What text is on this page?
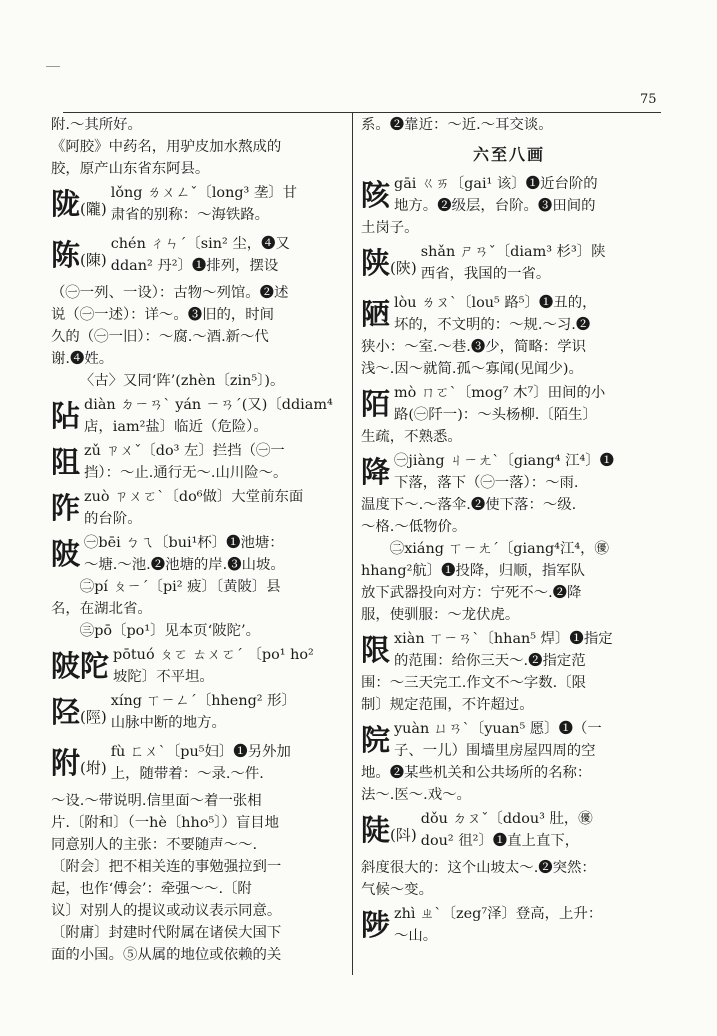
75
附.～其所好。
《阿胶》中药名，用驴皮加水熬成的
胶，原产山东省东阿县。
陇(隴)
lǒng ㄌㄨㄥˇ〔long³ 垄〕甘
肃省的别称：～海铁路。
陈(陳)
chén ㄔㄣˊ〔sin² 尘，❹又
ddan² 丹²〕❶排列，摆设
（㊀一列、一设）：古物～列馆。❷述
说（㊀一述）：详～。❸旧的，时间
久的（㊀一旧）：～腐.～酒.新～代
谢.❹姓。
〈古〉又同‘阵’(zhèn〔zin⁵〕)。
阽 diàn ㄉㄧㄢˋ yán ㄧㄢˊ(又)〔ddiam⁴
店，iam²盐〕临近（危险）。
阻 zǔ ㄗㄨˇ〔do³ 左〕拦挡（㊀一
挡）：～止.通行无～.山川险～。
阼 zuò ㄗㄨㄛˋ〔do⁶做〕大堂前东面
的台阶。
陂 ㊀bēi ㄅㄟ〔bui¹杯〕❶池塘：
～塘.～池.❷池塘的岸.❸山坡。
㊁pí ㄆㄧˊ〔pi² 疲〕〔黄陂〕县
名，在湖北省。
㊂pō〔po¹〕见本页‘陂陀’。
陂陀 pōtuó ㄆㄛ ㄊㄨㄛˊ 〔po¹ ho²
坡陀〕不平坦。
陉(陘)
xíng ㄒㄧㄥˊ〔hheng² 形〕
山脉中断的地方。
附(坿)
fù ㄈㄨˋ〔pu⁵妇〕❶另外加
上，随带着：～录.～件.
～设.～带说明.信里面～着一张相
片.〔附和〕（一hè〔hho⁵〕）盲目地
同意别人的主张：不要随声～～.
〔附会〕把不相关连的事勉强拉到一
起，也作‘傅会’：牵强～～.〔附
议〕对别人的提议或动议表示同意。
〔附庸〕封建时代附属在诸侯大国下
面的小国。⑤从属的地位或依赖的关
系。❷靠近：～近.～耳交谈。
六至八画
陔 gāi ㄍㄞ〔gai¹ 该〕❶近台阶的
地方。❷级层，台阶。❸田间的
土岗子。
陕(陝)
shǎn ㄕㄢˇ〔diam³ 杉³〕陕
西省，我国的一省。
陋 lòu ㄌㄡˋ〔lou⁵ 路⁵〕❶丑的，
坏的，不文明的：～规.～习.❷
狭小：～室.～巷.❸少，简略：学识
浅～.因～就简.孤～寡闻(见闻少)。
陌 mò ㄇㄛˋ〔mog⁷ 木⁷〕田间的小
路(㊀阡一)：～头杨柳.〔陌生〕
生疏，不熟悉。
降 ㊀jiàng ㄐㄧㄤˋ〔giang⁴ 江⁴〕❶
下落，落下（㊀一落）：～雨.
温度下～.～落伞.❷使下落：～级.
～格.～低物价。
㊁xiáng ㄒㄧㄤˊ〔giang⁴江⁴，㊝
hhang²航〕❶投降，归顺，指军队
放下武器投向对方：宁死不～.❷降
服，使驯服：～龙伏虎。
限 xiàn ㄒㄧㄢˋ〔hhan⁵ 焊〕❶指定
的范围：给你三天～.❷指定范
围：～三天完工.作文不～字数.〔限
制〕规定范围，不许超过。
院 yuàn ㄩㄢˋ〔yuan⁵ 愿〕❶（一
子、一儿）围墙里房屋四周的空
地。❷某些机关和公共场所的名称：
法～.医～.戏～。
陡(阧)
dǒu ㄉㄡˇ〔ddou³ 肚，㊝
dou² 徂²〕❶直上直下，
斜度很大的：这个山坡太～.❷突然：
气候～变。
陟 zhì ㄓˋ〔zeg⁷泽〕登高，上升：
～山。
